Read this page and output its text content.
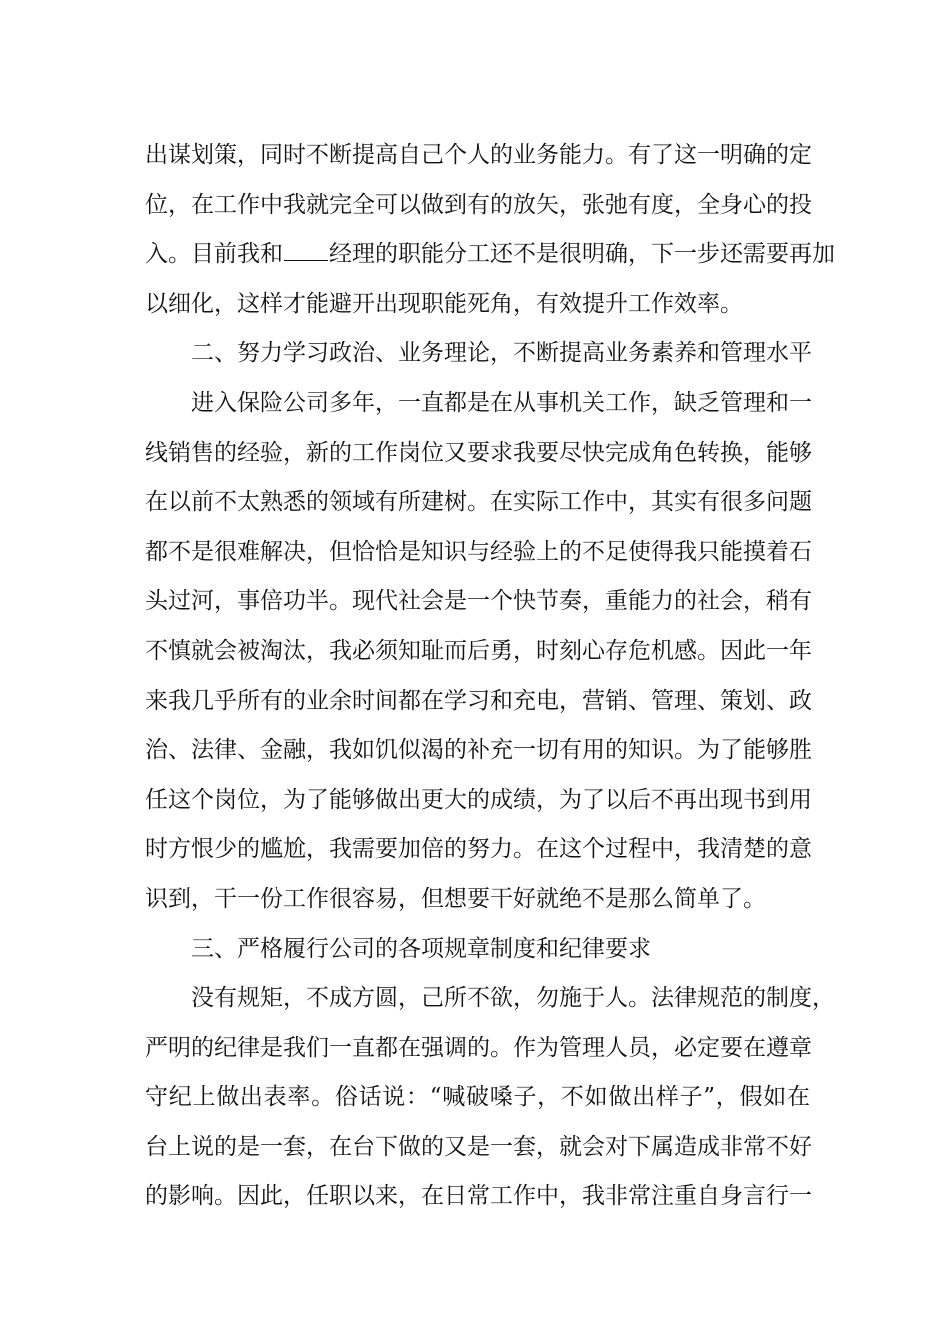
出谋划策，同时不断提高自己个人的业务能力。有了这一明确的定
位，在工作中我就完全可以做到有的放矢，张弛有度，全身心的投
入。目前我和 经理的职能分工还不是很明确，下一步还需要再加
以细化，这样才能避开出现职能死角，有效提升工作效率。
二、努力学习政治、业务理论，不断提高业务素养和管理水平
进入保险公司多年，一直都是在从事机关工作，缺乏管理和一
线销售的经验，新的工作岗位又要求我要尽快完成角色转换，能够
在以前不太熟悉的领域有所建树。在实际工作中，其实有很多问题
都不是很难解决，但恰恰是知识与经验上的不足使得我只能摸着石
头过河，事倍功半。现代社会是一个快节奏，重能力的社会，稍有
不慎就会被淘汰，我必须知耻而后勇，时刻心存危机感。因此一年
来我几乎所有的业余时间都在学习和充电，营销、管理、策划、政
治、法律、金融，我如饥似渴的补充一切有用的知识。为了能够胜
任这个岗位，为了能够做出更大的成绩，为了以后不再出现书到用
时方恨少的尴尬，我需要加倍的努力。在这个过程中，我清楚的意
识到，干一份工作很容易，但想要干好就绝不是那么简单了。
三、严格履行公司的各项规章制度和纪律要求
没有规矩，不成方圆，己所不欲，勿施于人。法律规范的制度，
严明的纪律是我们一直都在强调的。作为管理人员，必定要在遵章
守纪上做出表率。俗话说：“喊破嗓子，不如做出样子”，假如在
台上说的是一套，在台下做的又是一套，就会对下属造成非常不好
的影响。因此，任职以来，在日常工作中，我非常注重自身言行一
